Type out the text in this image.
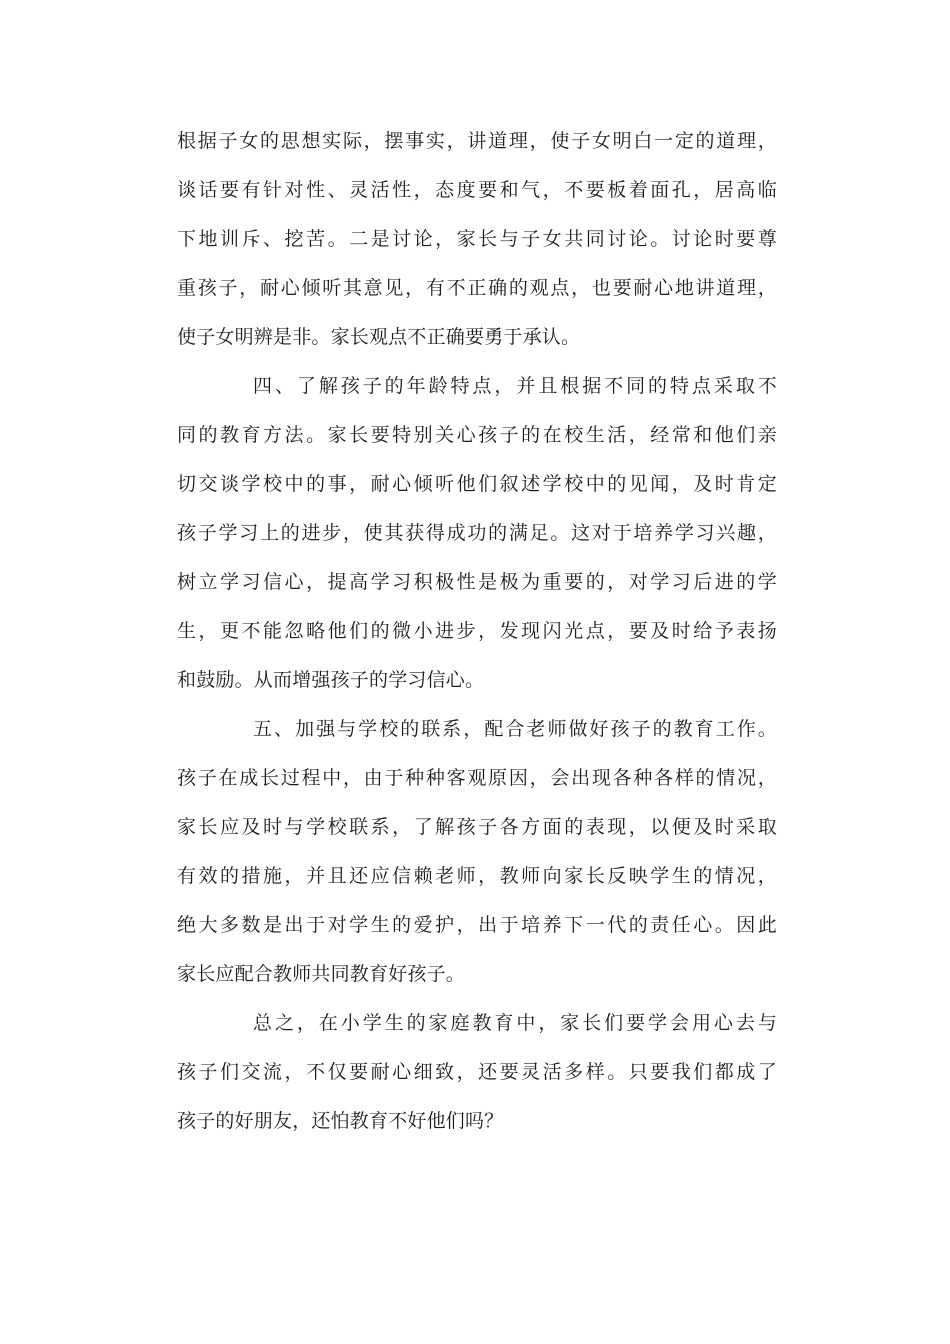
根据子女的思想实际，摆事实，讲道理，使子女明白一定的道理，
谈话要有针对性、灵活性，态度要和气，不要板着面孔，居高临
下地训斥、挖苦。二是讨论，家长与子女共同讨论。讨论时要尊
重孩子，耐心倾听其意见，有不正确的观点，也要耐心地讲道理，
使子女明辨是非。家长观点不正确要勇于承认。
四、了解孩子的年龄特点，并且根据不同的特点采取不
同的教育方法。家长要特别关心孩子的在校生活，经常和他们亲
切交谈学校中的事，耐心倾听他们叙述学校中的见闻，及时肯定
孩子学习上的进步，使其获得成功的满足。这对于培养学习兴趣，
树立学习信心，提高学习积极性是极为重要的，对学习后进的学
生，更不能忽略他们的微小进步，发现闪光点，要及时给予表扬
和鼓励。从而增强孩子的学习信心。
五、加强与学校的联系，配合老师做好孩子的教育工作。
孩子在成长过程中，由于种种客观原因，会出现各种各样的情况，
家长应及时与学校联系，了解孩子各方面的表现，以便及时采取
有效的措施，并且还应信赖老师，教师向家长反映学生的情况，
绝大多数是出于对学生的爱护，出于培养下一代的责任心。因此
家长应配合教师共同教育好孩子。
总之，在小学生的家庭教育中，家长们要学会用心去与
孩子们交流，不仅要耐心细致，还要灵活多样。只要我们都成了
孩子的好朋友，还怕教育不好他们吗？
